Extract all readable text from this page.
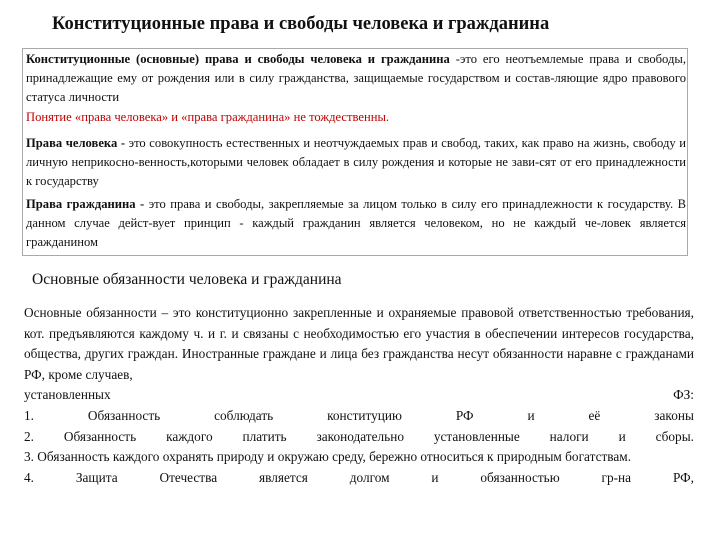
Конституционные права и свободы человека и гражданина
Конституционные (основные) права и свободы человека и гражданина -это его неотъемлемые права и свободы, принадлежащие ему от рождения или в силу гражданства, защищаемые государством и состав-ляющие ядро правового статуса личности
Понятие «права человека» и «права гражданина» не тождественны.
Права человека - это совокупность естественных и неотчуждаемых прав и свобод, таких, как право на жизнь, свободу и личную неприкосно-венность,которыми человек обладает в силу рождения и которые не зави-сят от его принадлежности к государству
Права гражданина - это права и свободы, закрепляемые за лицом только в силу его принадлежности к государству. В данном случае дейст-вует принцип - каждый гражданин является человеком, но не каждый че-ловек является гражданином
Основные обязанности человека и гражданина
Основные обязанности – это конституционно закрепленные и охраняемые правовой ответственностью требования, кот. предъявляются каждому ч. и г. и связаны с необходимостью его участия в обеспечении интересов государства, общества, других граждан. Иностранные граждане и лица без гражданства несут обязанности наравне с гражданами РФ, кроме случаев,
установленных	ФЗ:
1.	Обязанность	соблюдать	конституцию	РФ	и	её	законы
2. Обязанность каждого платить законодательно установленные налоги и сборы.
3. Обязанность каждого охранять природу и окружаю среду, бережно относиться к природным богатствам.
4.	Защита	Отечества	является	долгом	и	обязанностью	гр-на	РФ,
